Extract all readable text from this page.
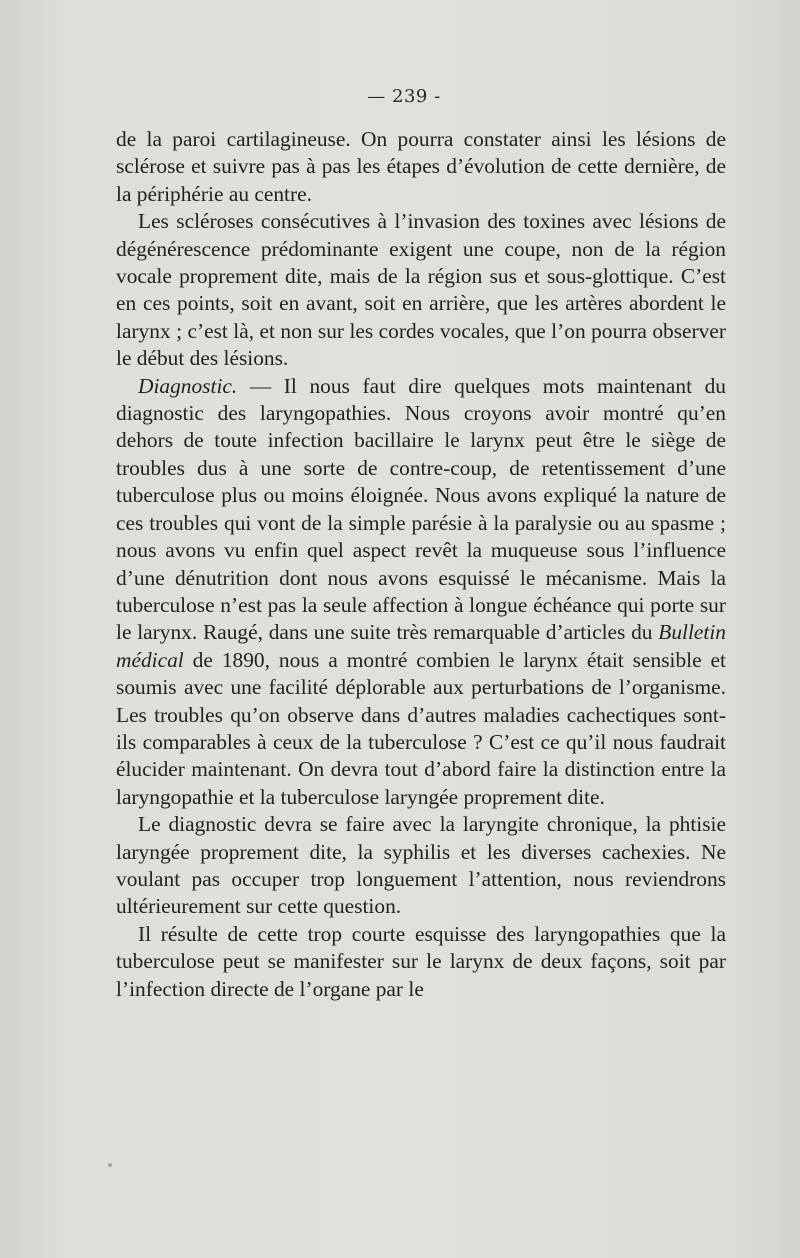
— 239 -

de la paroi cartilagineuse. On pourra constater ainsi les lésions de sclérose et suivre pas à pas les étapes d’évolution de cette dernière, de la périphérie au centre.

Les scléroses consécutives à l’invasion des toxines avec lésions de dégénérescence prédominante exigent une coupe, non de la région vocale proprement dite, mais de la région sus et sous-glottique. C’est en ces points, soit en avant, soit en arrière, que les artères abordent le larynx ; c’est là, et non sur les cordes vocales, que l’on pourra observer le début des lésions.

Diagnostic. — Il nous faut dire quelques mots maintenant du diagnostic des laryngopathies. Nous croyons avoir montré qu’en dehors de toute infection bacillaire le larynx peut être le siège de troubles dus à une sorte de contre-coup, de retentissement d’une tuberculose plus ou moins éloignée. Nous avons expliqué la nature de ces troubles qui vont de la simple parésie à la paralysie ou au spasme ; nous avons vu enfin quel aspect revêt la muqueuse sous l’influence d’une dénutrition dont nous avons esquissé le mécanisme. Mais la tuberculose n’est pas la seule affection à longue échéance qui porte sur le larynx. Raugé, dans une suite très remarquable d’articles du Bulletin médical de 1890, nous a montré combien le larynx était sensible et soumis avec une facilité déplorable aux perturbations de l’organisme. Les troubles qu’on observe dans d’autres maladies cachectiques sont-ils comparables à ceux de la tuberculose ? C’est ce qu’il nous faudrait élucider maintenant. On devra tout d’abord faire la distinction entre la laryngopathie et la tuberculose laryngée proprement dite.

Le diagnostic devra se faire avec la laryngite chronique, la phtisie laryngée proprement dite, la syphilis et les diverses cachexies. Ne voulant pas occuper trop longuement l’attention, nous reviendrons ultérieurement sur cette question.

Il résulte de cette trop courte esquisse des laryngopathies que la tuberculose peut se manifester sur le larynx de deux façons, soit par l’infection directe de l’organe par le
